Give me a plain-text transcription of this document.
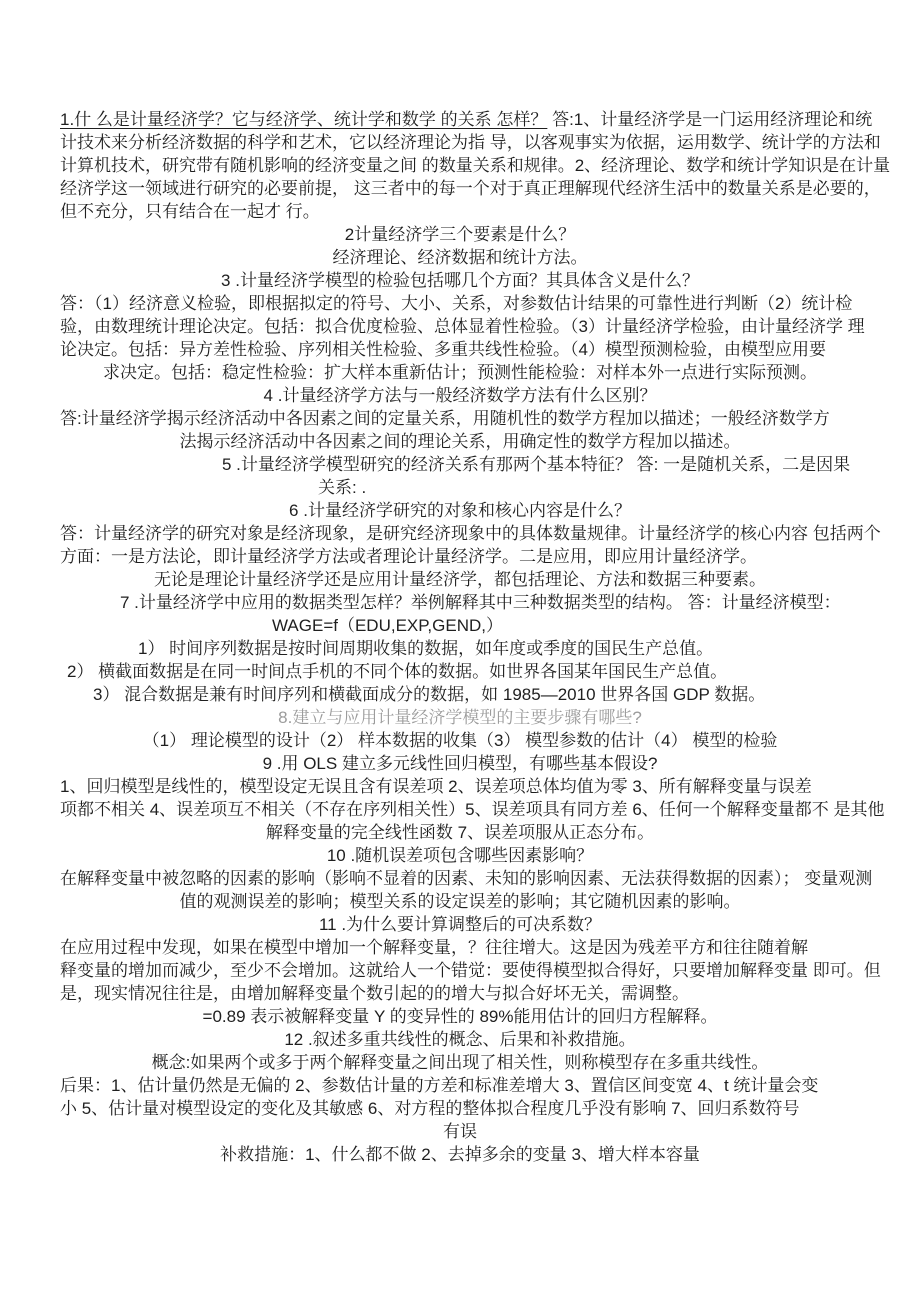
1.什 么是计量经济学？它与经济学、统计学和数学 的关系 怎样？ 答:1、计量经济学是一门运用经济理论和统
计技术来分析经济数据的科学和艺术，它以经济理论为指 导，以客观事实为依据，运用数学、统计学的方法和
计算机技术，研究带有随机影响的经济变量之间 的数量关系和规律。2、经济理论、数学和统计学知识是在计量
经济学这一领域进行研究的必要前提， 这三者中的每一个对于真正理解现代经济生活中的数量关系是必要的，
但不充分，只有结合在一起才 行。
2计量经济学三个要素是什么？
经济理论、经济数据和统计方法。
3 .计量经济学模型的检验包括哪几个方面？其具体含义是什么？
答：（1）经济意义检验，即根据拟定的符号、大小、关系，对参数估计结果的可靠性进行判断（2）统计检
验，由数理统计理论决定。包括：拟合优度检验、总体显着性检验。（3）计量经济学检验，由计量经济学 理
论决定。包括：异方差性检验、序列相关性检验、多重共线性检验。（4）模型预测检验，由模型应用要
求决定。包括：稳定性检验：扩大样本重新估计；预测性能检验：对样本外一点进行实际预测。
4 .计量经济学方法与一般经济数学方法有什么区别？
答:计量经济学揭示经济活动中各因素之间的定量关系，用随机性的数学方程加以描述；一般经济数学方
法揭示经济活动中各因素之间的理论关系，用确定性的数学方程加以描述。
5 .计量经济学模型研究的经济关系有那两个基本特征？ 答: 一是随机关系，二是因果
关系: .
6 .计量经济学研究的对象和核心内容是什么？
答：计量经济学的研究对象是经济现象，是研究经济现象中的具体数量规律。计量经济学的核心内容 包括两个
方面：一是方法论，即计量经济学方法或者理论计量经济学。二是应用，即应用计量经济学。
无论是理论计量经济学还是应用计量经济学，都包括理论、方法和数据三种要素。
7 .计量经济学中应用的数据类型怎样？举例解释其中三种数据类型的结构。 答：计量经济模型：
WAGE=f（EDU,EXP,GEND,）
1） 时间序列数据是按时间周期收集的数据，如年度或季度的国民生产总值。
2） 横截面数据是在同一时间点手机的不同个体的数据。如世界各国某年国民生产总值。
3） 混合数据是兼有时间序列和横截面成分的数据，如 1985—2010 世界各国 GDP 数据。
8.建立与应用计量经济学模型的主要步骤有哪些?
（1） 理论模型的设计（2） 样本数据的收集（3） 模型参数的估计（4） 模型的检验
9 .用 OLS 建立多元线性回归模型，有哪些基本假设?
1、回归模型是线性的，模型设定无误且含有误差项 2、误差项总体均值为零 3、所有解释变量与误差
项都不相关 4、误差项互不相关（不存在序列相关性）5、误差项具有同方差 6、任何一个解释变量都不 是其他
解释变量的完全线性函数 7、误差项服从正态分布。
10 .随机误差项包含哪些因素影响？
在解释变量中被忽略的因素的影响（影响不显着的因素、未知的影响因素、无法获得数据的因素）； 变量观测
值的观测误差的影响；模型关系的设定误差的影响；其它随机因素的影响。
11 .为什么要计算调整后的可决系数？
在应用过程中发现，如果在模型中增加一个解释变量，？往往增大。这是因为残差平方和往往随着解
释变量的增加而减少，至少不会增加。这就给人一个错觉：要使得模型拟合得好，只要增加解释变量 即可。但
是，现实情况往往是，由增加解释变量个数引起的的增大与拟合好坏无关，需调整。
=0.89 表示被解释变量 Y 的变异性的 89%能用估计的回归方程解释。
12 .叙述多重共线性的概念、后果和补救措施。
概念:如果两个或多于两个解释变量之间出现了相关性，则称模型存在多重共线性。
后果：1、估计量仍然是无偏的 2、参数估计量的方差和标准差增大 3、置信区间变宽 4、t 统计量会变
小 5、估计量对模型设定的变化及其敏感 6、对方程的整体拟合程度几乎没有影响 7、回归系数符号
有误
补救措施：1、什么都不做 2、去掉多余的变量 3、增大样本容量
